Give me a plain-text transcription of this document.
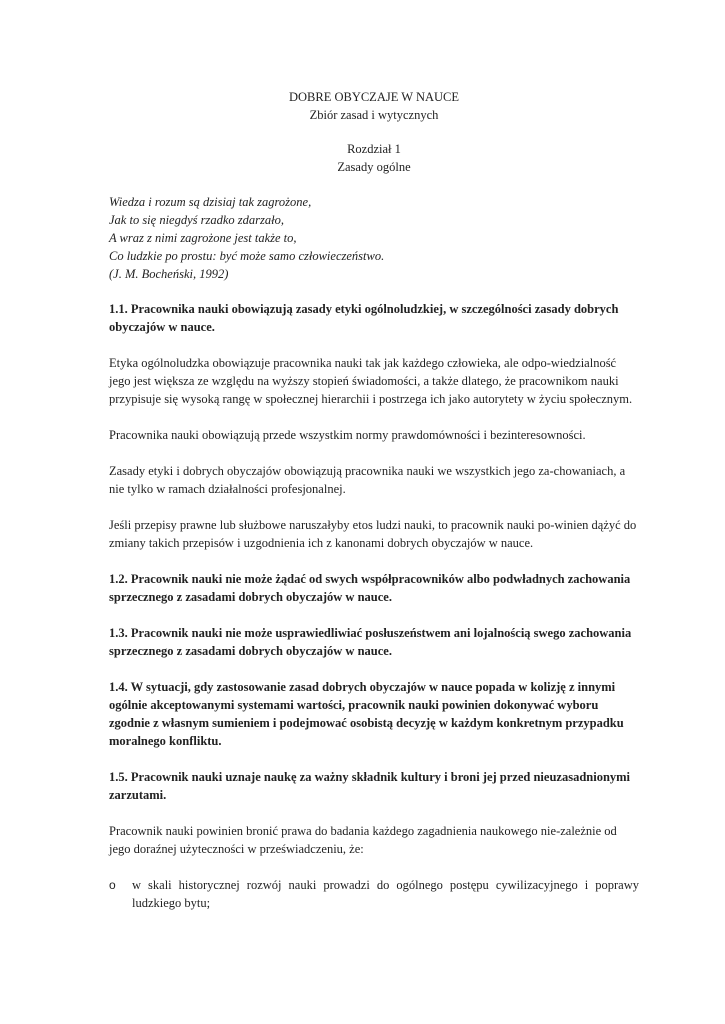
DOBRE OBYCZAJE W NAUCE
Zbiór zasad i wytycznych
Rozdział 1
Zasady ogólne
Wiedza i rozum są dzisiaj tak zagrożone,
Jak to się niegdyś rzadko zdarzało,
A wraz z nimi zagrożone jest także to,
Co ludzkie po prostu: być może samo człowieczeństwo.
(J. M. Bocheński, 1992)

1.1. Pracownika nauki obowiązują zasady etyki ogólnoludzkiej, w szczególności zasady dobrych obyczajów w nauce.

Etyka ogólnoludzka obowiązuje pracownika nauki tak jak każdego człowieka, ale odpo-wiedzialność jego jest większa ze względu na wyższy stopień świadomości, a także dlatego, że pracownikom nauki przypisuje się wysoką rangę w społecznej hierarchii i postrzega ich jako autorytety w życiu społecznym.

Pracownika nauki obowiązują przede wszystkim normy prawdomówności i bezinteresowności.

Zasady etyki i dobrych obyczajów obowiązują pracownika nauki we wszystkich jego za-chowaniach, a nie tylko w ramach działalności profesjonalnej.

Jeśli przepisy prawne lub służbowe naruszałyby etos ludzi nauki, to pracownik nauki po-winien dążyć do zmiany takich przepisów i uzgodnienia ich z kanonami dobrych obyczajów w nauce.

1.2. Pracownik nauki nie może żądać od swych współpracowników albo podwładnych zachowania sprzecznego z zasadami dobrych obyczajów w nauce.

1.3. Pracownik nauki nie może usprawiedliwiać posłuszeństwem ani lojalnością swego zachowania sprzecznego z zasadami dobrych obyczajów w nauce.

1.4. W sytuacji, gdy zastosowanie zasad dobrych obyczajów w nauce popada w kolizję z innymi ogólnie akceptowanymi systemami wartości, pracownik nauki powinien dokonywać wyboru zgodnie z własnym sumieniem i podejmować osobistą decyzję w każdym konkretnym przypadku moralnego konfliktu.

1.5. Pracownik nauki uznaje naukę za ważny składnik kultury i broni jej przed nieuzasadnionymi zarzutami.

Pracownik nauki powinien bronić prawa do badania każdego zagadnienia naukowego nie-zależnie od jego doraźnej użyteczności w przeświadczeniu, że:

o w skali historycznej rozwój nauki prowadzi do ogólnego postępu cywilizacyjnego i poprawy ludzkiego bytu;
